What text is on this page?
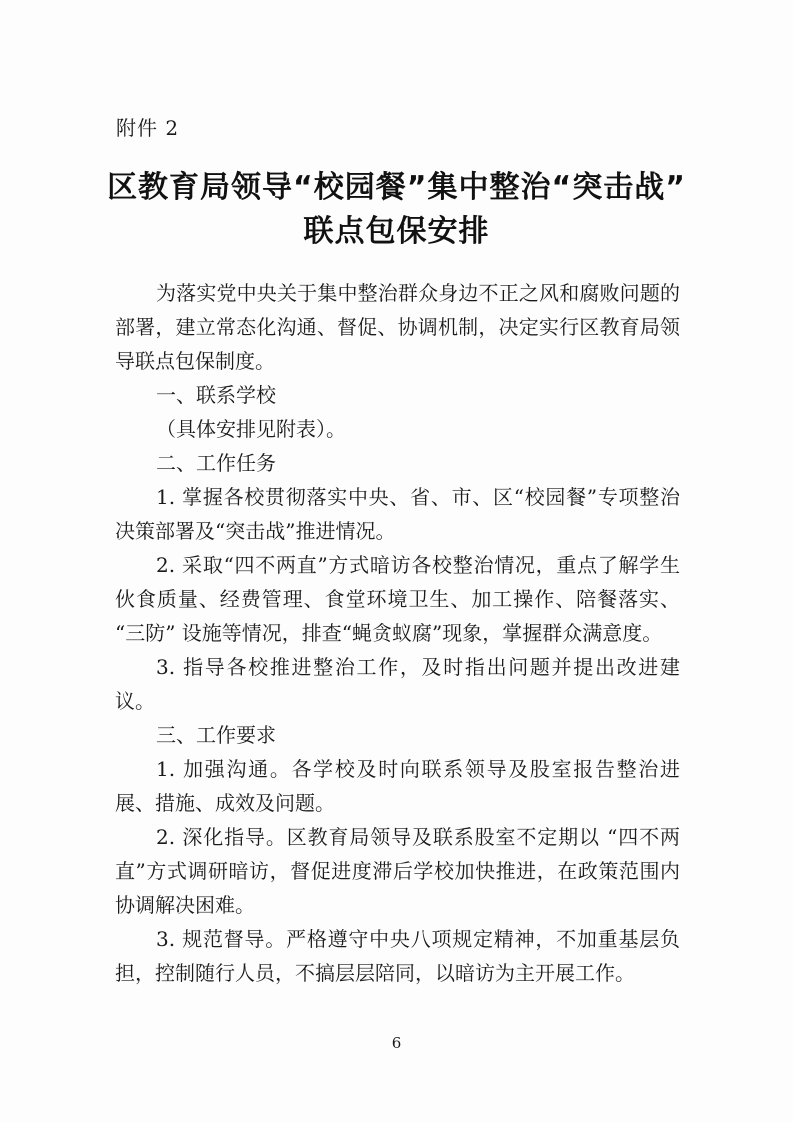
附件 2
区教育局领导“校园餐”集中整治“突击战”
联点包保安排

为落实党中央关于集中整治群众身边不正之风和腐败问题的部署，建立常态化沟通、督促、协调机制，决定实行区教育局领导联点包保制度。

一、联系学校

（具体安排见附表）。

二、工作任务

1. 掌握各校贯彻落实中央、省、市、区“校园餐”专项整治决策部署及“突击战”推进情况。

2. 采取“四不两直”方式暗访各校整治情况，重点了解学生伙食质量、经费管理、食堂环境卫生、加工操作、陪餐落实、 “三防” 设施等情况，排查“蝇贪蚁腐”现象，掌握群众满意度。

3. 指导各校推进整治工作，及时指出问题并提出改进建议。

三、工作要求

1. 加强沟通。各学校及时向联系领导及股室报告整治进展、措施、成效及问题。

2. 深化指导。区教育局领导及联系股室不定期以 “四不两直”方式调研暗访，督促进度滞后学校加快推进，在政策范围内协调解决困难。

3. 规范督导。严格遵守中央八项规定精神，不加重基层负担，控制随行人员，不搞层层陪同，以暗访为主开展工作。

6
